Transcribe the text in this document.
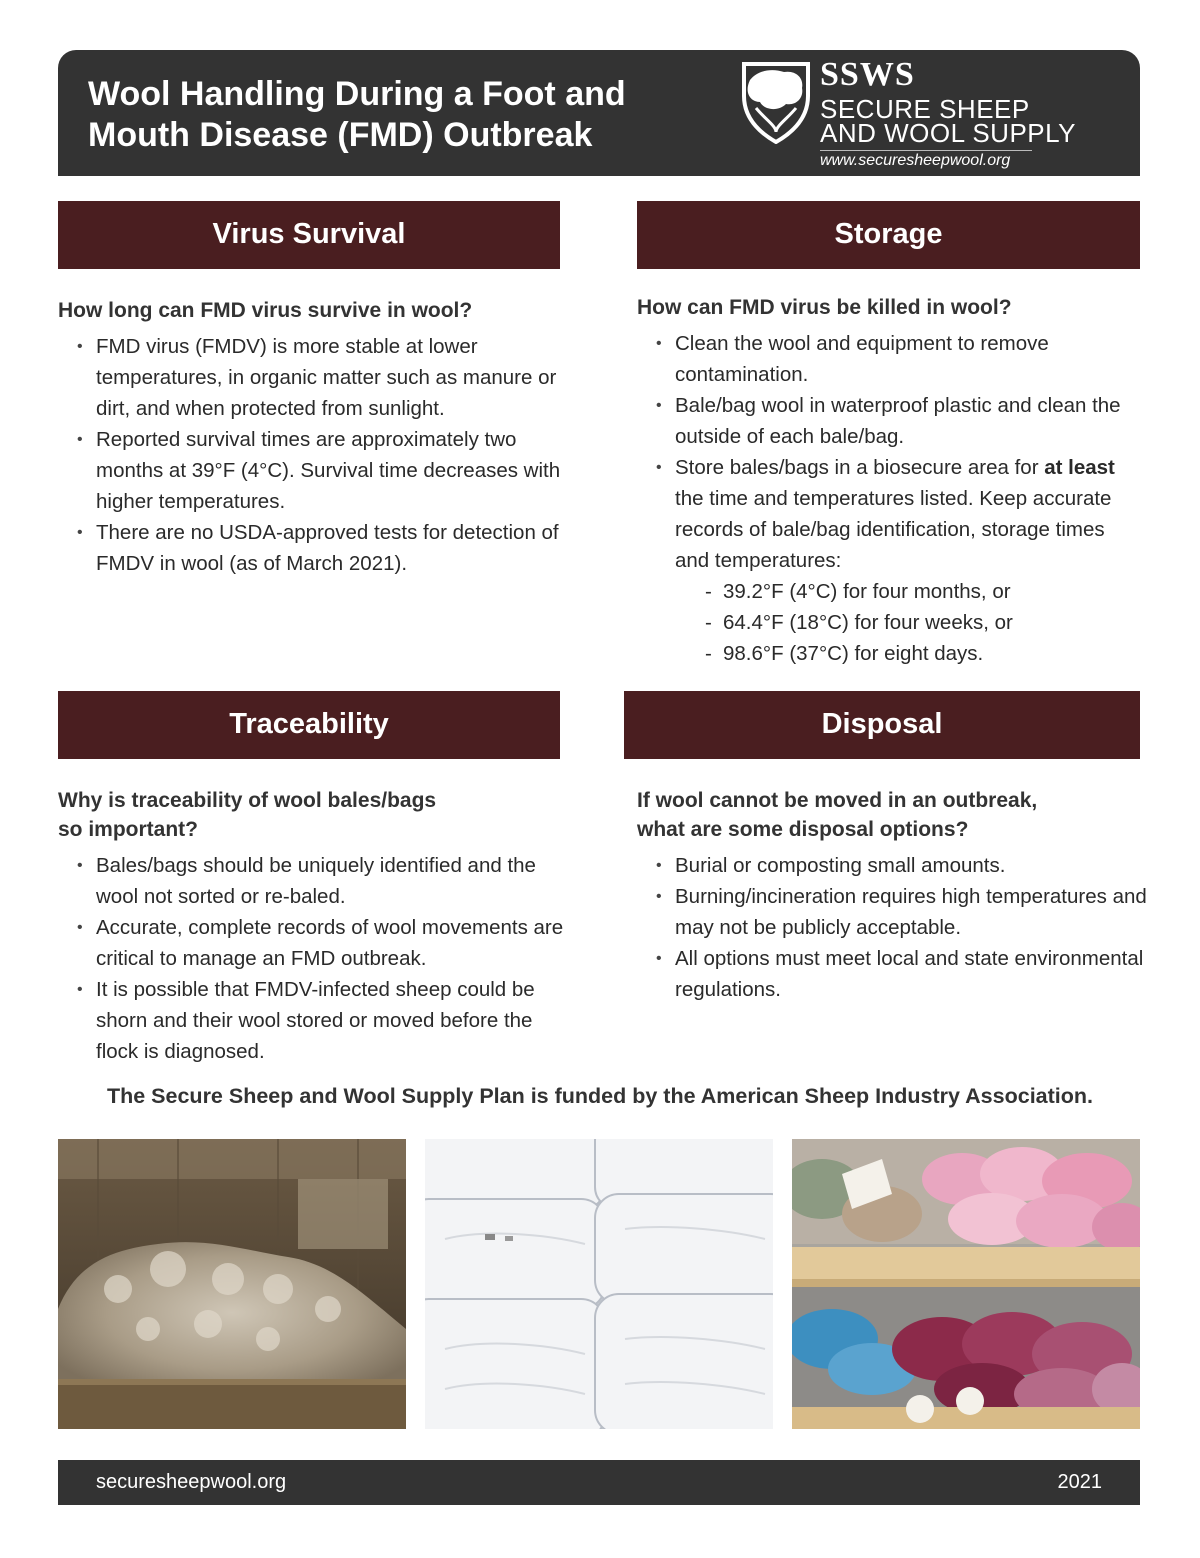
Wool Handling During a Foot and Mouth Disease (FMD) Outbreak
SSWS
SECURE SHEEP
AND WOOL SUPPLY
www.securesheepwool.org
Virus Survival

How long can FMD virus survive in wool?

• FMD virus (FMDV) is more stable at lower temperatures, in organic matter such as manure or dirt, and when protected from sunlight.
• Reported survival times are approximately two months at 39°F (4°C). Survival time decreases with higher temperatures.
• There are no USDA-approved tests for detection of FMDV in wool (as of March 2021).
Storage

How can FMD virus be killed in wool?

• Clean the wool and equipment to remove contamination.
• Bale/bag wool in waterproof plastic and clean the outside of each bale/bag.
• Store bales/bags in a biosecure area for at least the time and temperatures listed. Keep accurate records of bale/bag identification, storage times and temperatures:
- 39.2°F (4°C) for four months, or
- 64.4°F (18°C) for four weeks, or
- 98.6°F (37°C) for eight days.
Traceability

Why is traceability of wool bales/bags
so important?

• Bales/bags should be uniquely identified and the wool not sorted or re-baled.
• Accurate, complete records of wool movements are critical to manage an FMD outbreak.
• It is possible that FMDV-infected sheep could be shorn and their wool stored or moved before the flock is diagnosed.
Disposal

If wool cannot be moved in an outbreak,
what are some disposal options?

• Burial or composting small amounts.
• Burning/incineration requires high temperatures and may not be publicly acceptable.
• All options must meet local and state environmental regulations.
The Secure Sheep and Wool Supply Plan is funded by the American Sheep Industry Association.
securesheepwool.org	2021
